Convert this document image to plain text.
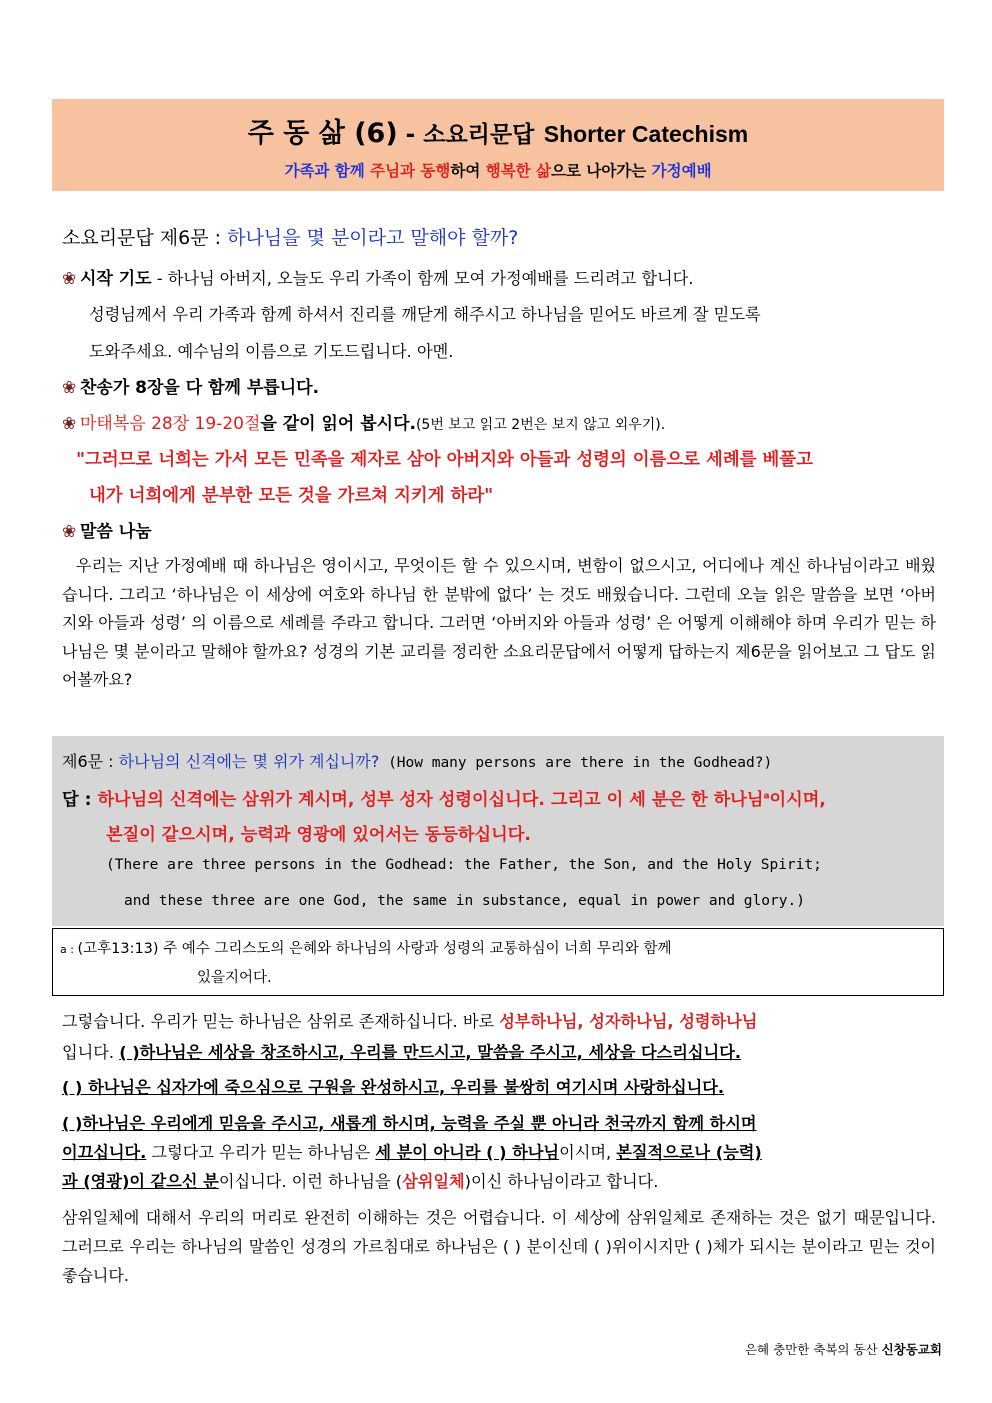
주 동 삶 (6) - 소요리문답 Shorter Catechism
가족과 함께 주님과 동행하여 행복한 삶으로 나아가는 가정예배
소요리문답 제6문 : 하나님을 몇 분이라고 말해야 할까?
❀ 시작 기도 - 하나님 아버지, 오늘도 우리 가족이 함께 모여 가정예배를 드리려고 합니다.
성령님께서 우리 가족과 함께 하셔서 진리를 깨닫게 해주시고 하나님을 믿어도 바르게 잘 믿도록
도와주세요. 예수님의 이름으로 기도드립니다. 아멘.
❀ 찬송가 8장을 다 함께 부릅니다.
❀ 마태복음 28장 19-20절을 같이 읽어 봅시다.(5번 보고 읽고 2번은 보지 않고 외우기).
"그러므로 너희는 가서 모든 민족을 제자로 삼아 아버지와 아들과 성령의 이름으로 세례를 베풀고
내가 너희에게 분부한 모든 것을 가르쳐 지키게 하라"
❀ 말씀 나눔
우리는 지난 가정예배 때 하나님은 영이시고, 무엇이든 할 수 있으시며, 변함이 없으시고, 어디에나 계신 하나님이라고 배웠습니다. 그리고 ‘하나님은 이 세상에 여호와 하나님 한 분밖에 없다’ 는 것도 배웠습니다. 그런데 오늘 읽은 말씀을 보면 ‘아버지와 아들과 성령’ 의 이름으로 세례를 주라고 합니다. 그러면 ‘아버지와 아들과 성령’ 은 어떻게 이해해야 하며 우리가 믿는 하나님은 몇 분이라고 말해야 할까요? 성경의 기본 교리를 정리한 소요리문답에서 어떻게 답하는지 제6문을 읽어보고 그 답도 읽어볼까요?
제6문 : 하나님의 신격에는 몇 위가 계십니까? (How many persons are there in the Godhead?)
답 : 하나님의 신격에는 삼위가 계시며, 성부 성자 성령이십니다. 그리고 이 세 분은 한 하나님$^a$이시며,
본질이 같으시며, 능력과 영광에 있어서는 동등하십니다.
(There are three persons in the Godhead: the Father, the Son, and the Holy Spirit;
and these three are one God, the same in substance, equal in power and glory.)
a : (고후13:13) 주 예수 그리스도의 은혜와 하나님의 사랑과 성령의 교통하심이 너희 무리와 함께
있을지어다.
그렇습니다. 우리가 믿는 하나님은 삼위로 존재하십니다. 바로 성부하나님, 성자하나님, 성령하나님
입니다. ( )하나님은 세상을 창조하시고, 우리를 만드시고, 말씀을 주시고, 세상을 다스리십니다.
( ) 하나님은 십자가에 죽으심으로 구원을 완성하시고, 우리를 불쌍히 여기시며 사랑하십니다.
( )하나님은 우리에게 믿음을 주시고, 새롭게 하시며, 능력을 주실 뿐 아니라 천국까지 함께 하시며
이끄십니다. 그렇다고 우리가 믿는 하나님은 세 분이 아니라 ( ) 하나님이시며, 본질적으로나 (능력)
과 (영광)이 같으신 분이십니다. 이런 하나님을 (삼위일체)이신 하나님이라고 합니다.
삼위일체에 대해서 우리의 머리로 완전히 이해하는 것은 어렵습니다. 이 세상에 삼위일체로 존재하는 것은 없기 때문입니다. 그러므로 우리는 하나님의 말씀인 성경의 가르침대로 하나님은 ( ) 분이신데 ( )위이시지만 ( )체가 되시는 분이라고 믿는 것이 좋습니다.
은혜 충만한 축복의 동산 신창동교회
